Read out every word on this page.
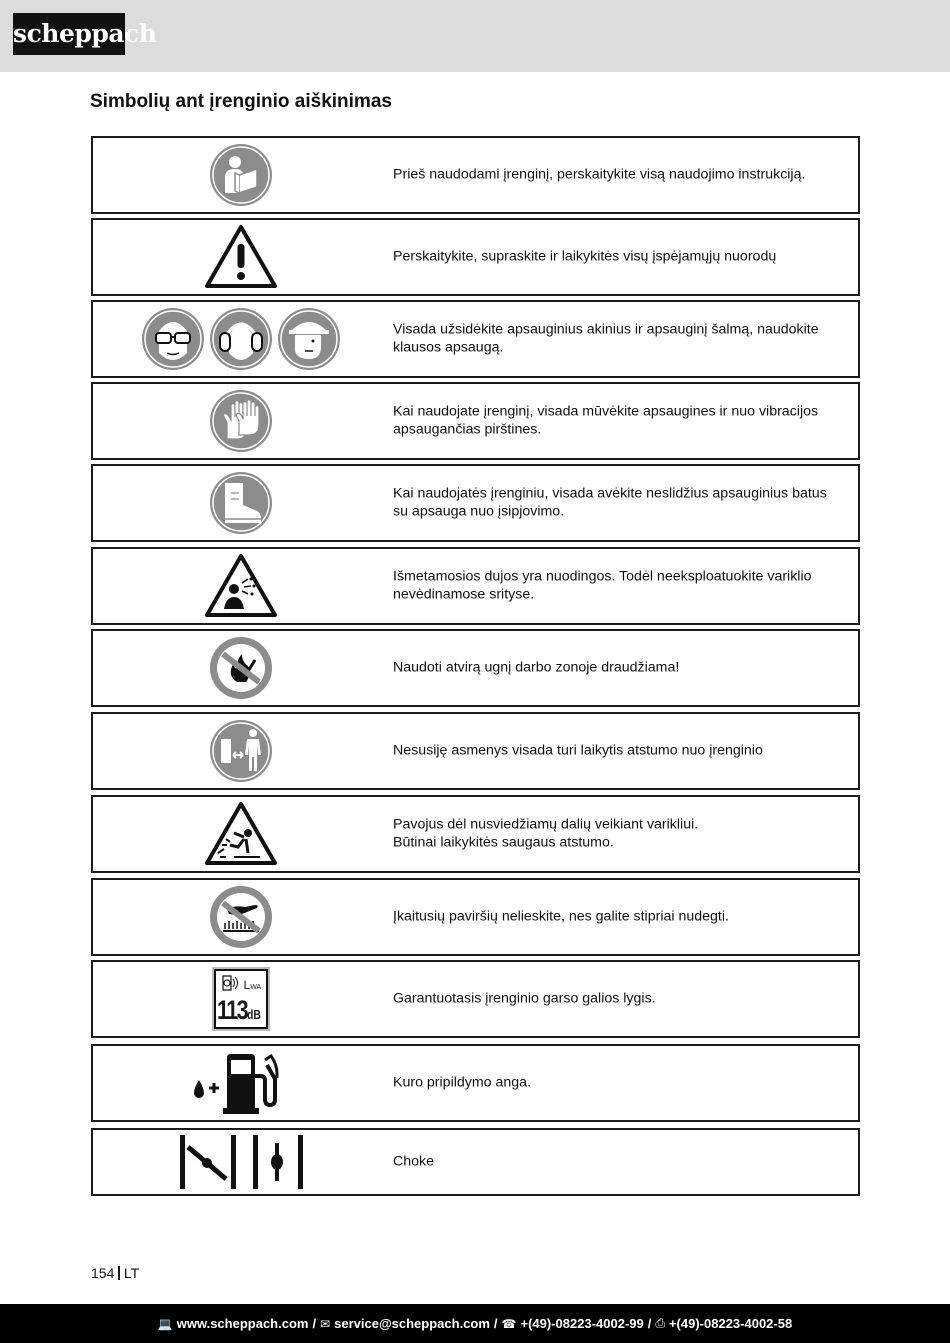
scheppach
Simbolių ant įrenginio aiškinimas
Prieš naudodami įrenginį, perskaitykite visą naudojimo instrukciją.
Perskaitykite, supraskite ir laikykitės visų įspėjamųjų nuorodų
Visada užsidėkite apsauginius akinius ir apsauginį šalmą, naudokite
klausos apsaugą.
Kai naudojate įrenginį, visada mūvėkite apsaugines ir nuo vibracijos
apsaugančias pirštines.
Kai naudojatės įrenginiu, visada avėkite neslidžius apsauginius batus
su apsauga nuo įsipjovimo.
Išmetamosios dujos yra nuodingos. Todėl neeksploatuokite variklio
nevėdinamose srityse.
Naudoti atvirą ugnį darbo zonoje draudžiama!
Nesusiję asmenys visada turi laikytis atstumo nuo įrenginio
Pavojus dėl nusviedžiamų dalių veikiant varikliui.
Būtinai laikykitės saugaus atstumo.
Įkaitusių paviršių nelieskite, nes galite stipriai nudegti.
LWA
113dB
Garantuotasis įrenginio garso galios lygis.
Kuro pripildymo anga.
Choke
154 LT
💻 www.scheppach.com / ✉ service@scheppach.com / ☎ +(49)-08223-4002-99 / ⎙ +(49)-08223-4002-58
